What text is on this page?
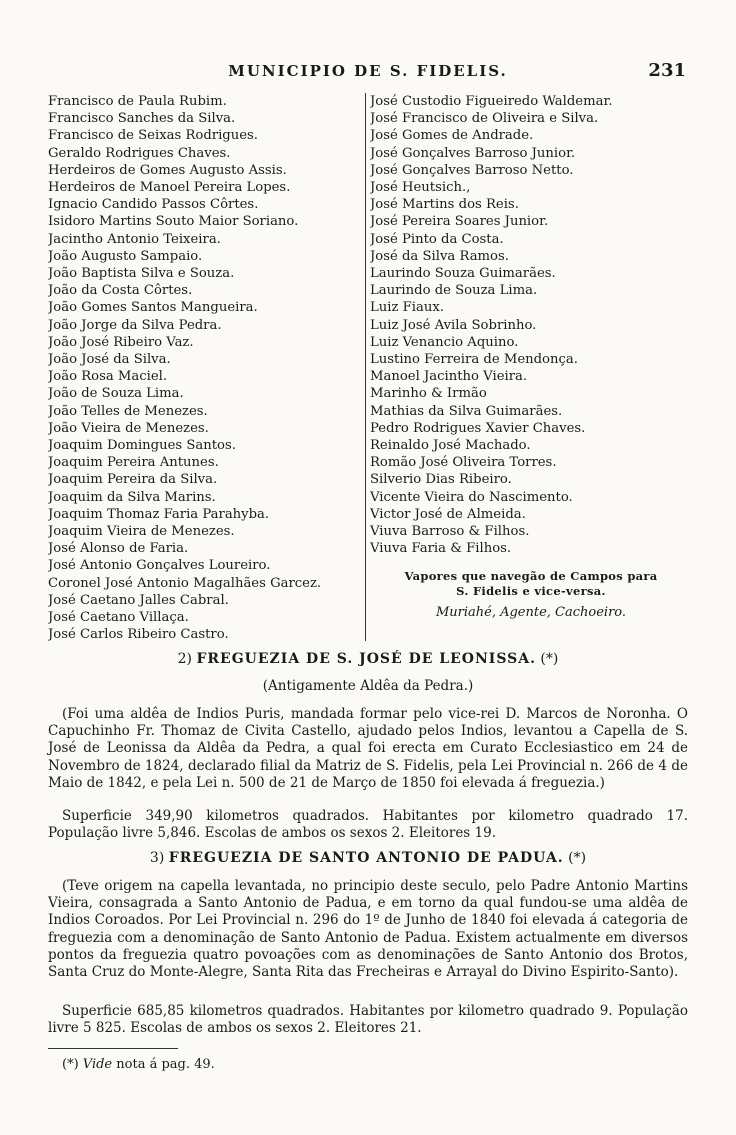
MUNICIPIO DE S. FIDELIS.	231
Francisco de Paula Rubim.
Francisco Sanches da Silva.
Francisco de Seixas Rodrigues.
Geraldo Rodrigues Chaves.
Herdeiros de Gomes Augusto Assis.
Herdeiros de Manoel Pereira Lopes.
Ignacio Candido Passos Côrtes.
Isidoro Martins Souto Maior Soriano.
Jacintho Antonio Teixeira.
João Augusto Sampaio.
João Baptista Silva e Souza.
João da Costa Côrtes.
João Gomes Santos Mangueira.
João Jorge da Silva Pedra.
João José Ribeiro Vaz.
João José da Silva.
João Rosa Maciel.
João de Souza Lima.
João Telles de Menezes.
João Vieira de Menezes.
Joaquim Domingues Santos.
Joaquim Pereira Antunes.
Joaquim Pereira da Silva.
Joaquim da Silva Marins.
Joaquim Thomaz Faria Parahyba.
Joaquim Vieira de Menezes.
José Alonso de Faria.
José Antonio Gonçalves Loureiro.
Coronel José Antonio Magalhães Garcez.
José Caetano Jalles Cabral.
José Caetano Villaça.
José Carlos Ribeiro Castro.
José Custodio Figueiredo Waldemar.
José Francisco de Oliveira e Silva.
José Gomes de Andrade.
José Gonçalves Barroso Junior.
José Gonçalves Barroso Netto.
José Heutsich.,
José Martins dos Reis.
José Pereira Soares Junior.
José Pinto da Costa.
José da Silva Ramos.
Laurindo Souza Guimarães.
Laurindo de Souza Lima.
Luiz Fiaux.
Luiz José Avila Sobrinho.
Luiz Venancio Aquino.
Lustino Ferreira de Mendonça.
Manoel Jacintho Vieira.
Marinho & Irmão
Mathias da Silva Guimarães.
Pedro Rodrigues Xavier Chaves.
Reinaldo José Machado.
Romão José Oliveira Torres.
Silverio Dias Ribeiro.
Vicente Vieira do Nascimento.
Victor José de Almeida.
Viuva Barroso & Filhos.
Viuva Faria & Filhos.
Vapores que navegão de Campos para
S. Fidelis e vice-versa.
Muriahé, Agente, Cachoeiro.
2) FREGUEZIA DE S. JOSÉ DE LEONISSA. (*)
(Antigamente Aldêa da Pedra.)
(Foi uma aldêa de Indios Puris, mandada formar pelo vice-rei D. Marcos de Noronha. O Capuchinho Fr. Thomaz de Civita Castello, ajudado pelos Indios, levantou a Capella de S. José de Leonissa da Aldêa da Pedra, a qual foi erecta em Curato Ecclesiastico em 24 de Novembro de 1824, declarado filial da Matriz de S. Fidelis, pela Lei Provincial n. 266 de 4 de Maio de 1842, e pela Lei n. 500 de 21 de Março de 1850 foi elevada á freguezia.)
Superficie 349,90 kilometros quadrados. Habitantes por kilometro quadrado 17. População livre 5,846. Escolas de ambos os sexos 2. Eleitores 19.
3) FREGUEZIA DE SANTO ANTONIO DE PADUA. (*)
(Teve origem na capella levantada, no principio deste seculo, pelo Padre Antonio Martins Vieira, consagrada a Santo Antonio de Padua, e em torno da qual fundou-se uma aldêa de Indios Coroados. Por Lei Provincial n. 296 do 1º de Junho de 1840 foi elevada á categoria de freguezia com a denominação de Santo Antonio de Padua. Existem actualmente em diversos pontos da freguezia quatro povoações com as denominações de Santo Antonio dos Brotos, Santa Cruz do Monte-Alegre, Santa Rita das Frecheiras e Arrayal do Divino Espirito-Santo).
Superficie 685,85 kilometros quadrados. Habitantes por kilometro quadrado 9. População livre 5 825. Escolas de ambos os sexos 2. Eleitores 21.
(*) Vide nota á pag. 49.
